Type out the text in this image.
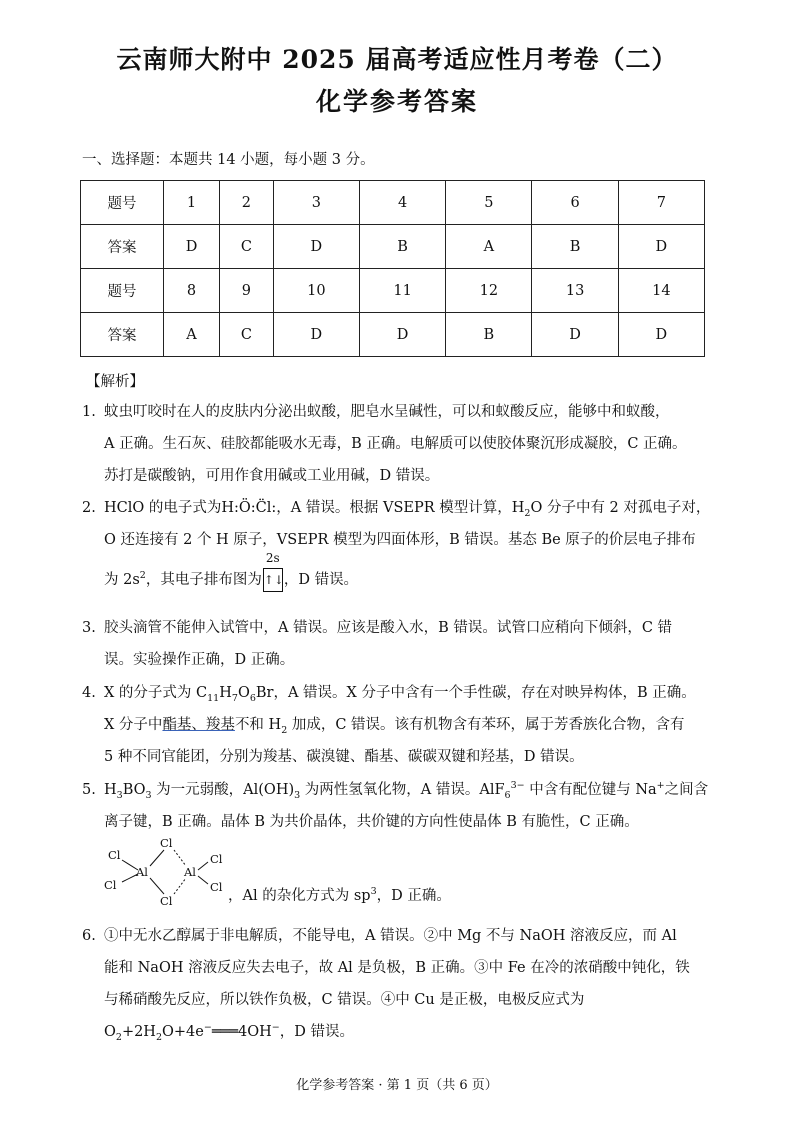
云南师大附中 2025 届高考适应性月考卷（二）
化学参考答案
一、选择题：本题共 14 小题，每小题 3 分。
题号	1	2	3	4	5	6	7
答案	D	C	D	B	A	B	D
题号	8	9	10	11	12	13	14
答案	A	C	D	D	B	D	D
【解析】
1. 蚊虫叮咬时在人的皮肤内分泌出蚁酸，肥皂水呈碱性，可以和蚁酸反应，能够中和蚁酸，
A 正确。生石灰、硅胶都能吸水无毒，B 正确。电解质可以使胶体聚沉形成凝胶，C 正确。
苏打是碳酸钠，可用作食用碱或工业用碱，D 错误。
2. HClO 的电子式为H:Ö:C̈l:，A 错误。根据 VSEPR 模型计算，$H_2O$ 分子中有 2 对孤电子对，
O 还连接有 2 个 H 原子，VSEPR 模型为四面体形，B 错误。基态 Be 原子的价层电子排布
为 $2s^2$，其电子排布图为
2s
↑↓，D 错误。
3. 胶头滴管不能伸入试管中，A 错误。应该是酸入水，B 错误。试管口应稍向下倾斜，C 错
误。实验操作正确，D 正确。
4. X 的分子式为 $C_{11}H_7O_6Br$，A 错误。X 分子中含有一个手性碳，存在对映异构体，B 正确。
X 分子中酯基、羧基不和 $H_2$ 加成，C 错误。该有机物含有苯环，属于芳香族化合物，含有
5 种不同官能团，分别为羧基、碳溴键、酯基、碳碳双键和羟基，D 错误。
5. $H_3BO_3$ 为一元弱酸，$Al(OH)_3$ 为两性氢氧化物，A 错误。AlF$_6^{3-}$ 中含有配位键与 Na+之间含
离子键，B 正确。晶体 B 为共价晶体，共价键的方向性使晶体 B 有脆性，C 正确。
Cl
Cl
Al
Cl
Cl
Al
Cl
Cl
，Al 的杂化方式为 $sp^3$，D 正确。
6. ①中无水乙醇属于非电解质，不能导电，A 错误。②中 Mg 不与 NaOH 溶液反应，而 Al
能和 NaOH 溶液反应失去电子，故 Al 是负极，B 正确。③中 Fe 在冷的浓硝酸中钝化，铁
与稀硝酸先反应，所以铁作负极，C 错误。④中 Cu 是正极，电极反应式为
$O_2+2H_2O+4e^-═══4OH^-$，D 错误。
化学参考答案 · 第 1 页（共 6 页）
